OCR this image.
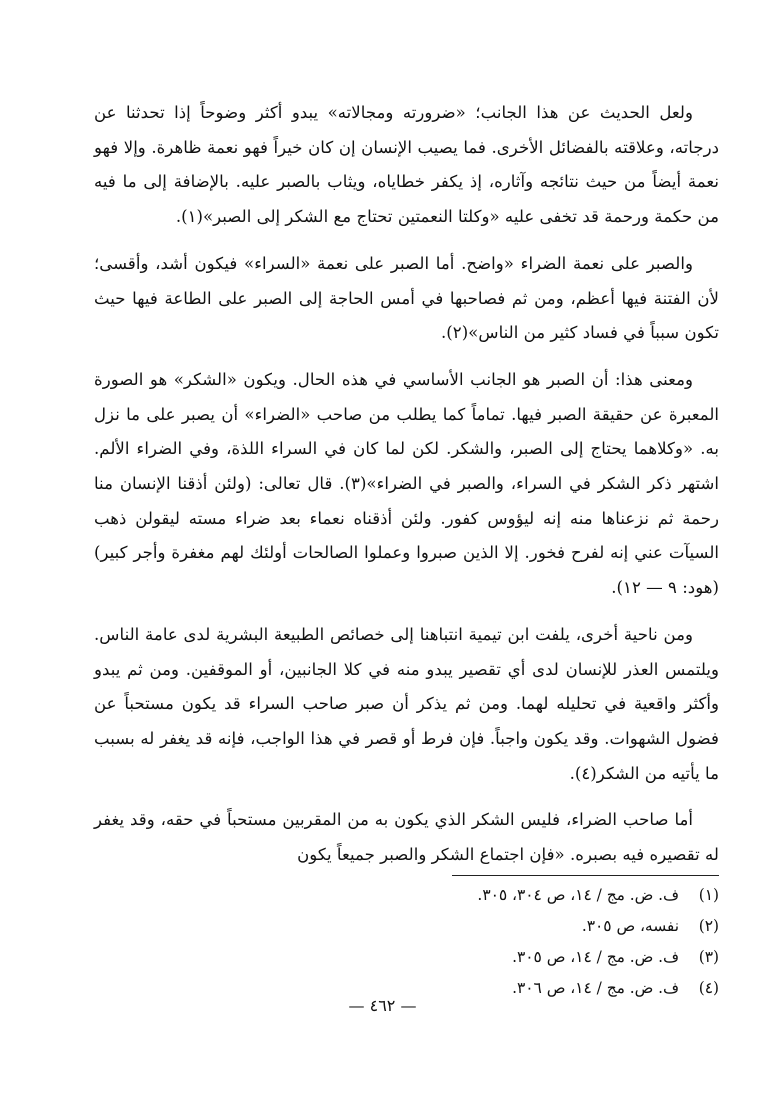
ولعل الحديث عن هذا الجانب؛ «ضرورته ومجالاته» يبدو أكثر وضوحاً إذا تحدثنا عن درجاته، وعلاقته بالفضائل الأخرى. فما يصيب الإنسان إن كان خيراً فهو نعمة ظاهرة. وإلا فهو نعمة أيضاً من حيث نتائجه وآثاره، إذ يكفر خطاياه، ويثاب بالصبر عليه. بالإضافة إلى ما فيه من حكمة ورحمة قد تخفى عليه «وكلتا النعمتين تحتاج مع الشكر إلى الصبر»(١).

والصبر على نعمة الضراء «واضح. أما الصبر على نعمة «السراء» فيكون أشد، وأقسى؛ لأن الفتنة فيها أعظم، ومن ثم فصاحبها في أمس الحاجة إلى الصبر على الطاعة فيها حيث تكون سبباً في فساد كثير من الناس»(٢).

ومعنى هذا: أن الصبر هو الجانب الأساسي في هذه الحال. ويكون «الشكر» هو الصورة المعبرة عن حقيقة الصبر فيها. تماماً كما يطلب من صاحب «الضراء» أن يصبر على ما نزل به. «وكلاهما يحتاج إلى الصبر، والشكر. لكن لما كان في السراء اللذة، وفي الضراء الألم. اشتهر ذكر الشكر في السراء، والصبر في الضراء»(٣). قال تعالى: (ولئن أذقنا الإنسان منا رحمة ثم نزعناها منه إنه ليؤوس كفور. ولئن أذقناه نعماء بعد ضراء مسته ليقولن ذهب السيآت عني إنه لفرح فخور. إلا الذين صبروا وعملوا الصالحات أولئك لهم مغفرة وأجر كبير) (هود: ٩ — ١٢).

ومن ناحية أخرى، يلفت ابن تيمية انتباهنا إلى خصائص الطبيعة البشرية لدى عامة الناس. ويلتمس العذر للإنسان لدى أي تقصير يبدو منه في كلا الجانبين، أو الموقفين. ومن ثم يبدو وأكثر واقعية في تحليله لهما. ومن ثم يذكر أن صبر صاحب السراء قد يكون مستحباً عن فضول الشهوات. وقد يكون واجباً. فإن فرط أو قصر في هذا الواجب، فإنه قد يغفر له بسبب ما يأتيه من الشكر(٤).

أما صاحب الضراء، فليس الشكر الذي يكون به من المقربين مستحباً في حقه، وقد يغفر له تقصيره فيه بصبره. «فإن اجتماع الشكر والصبر جميعاً يكون

(١)
ف. ض. مج / ١٤، ص ٣٠٤، ٣٠٥.
(٢)
نفسه، ص ٣٠٥.
(٣)
ف. ض. مج / ١٤، ص ٣٠٥.
(٤)
ف. ض. مج / ١٤، ص ٣٠٦.
— ٤٦٢ —
